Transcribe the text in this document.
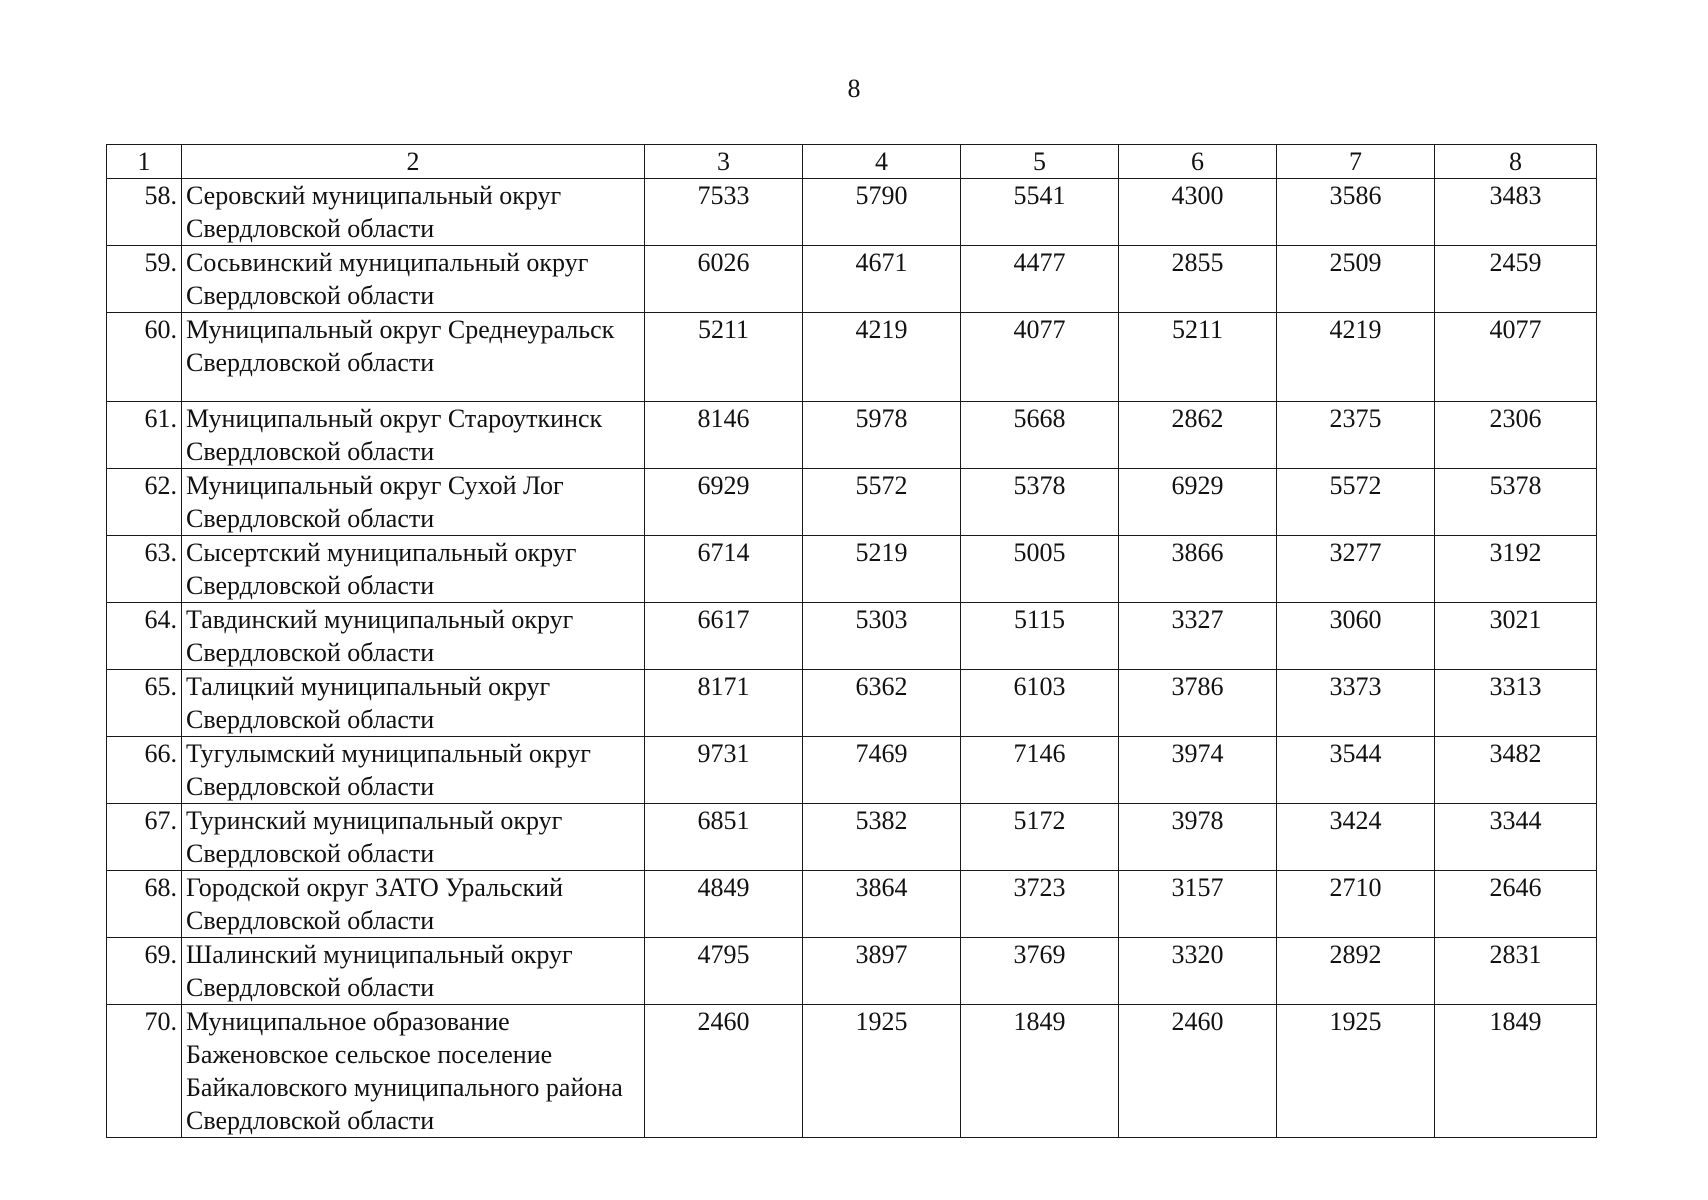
8
1	2	3	4	5	6	7	8
58.	Серовский муниципальный округ Свердловской области	7533	5790	5541	4300	3586	3483
59.	Сосьвинский муниципальный округ Свердловской области	6026	4671	4477	2855	2509	2459
60.	Муниципальный округ Среднеуральск Свердловской области	5211	4219	4077	5211	4219	4077
61.	Муниципальный округ Староуткинск Свердловской области	8146	5978	5668	2862	2375	2306
62.	Муниципальный округ Сухой Лог Свердловской области	6929	5572	5378	6929	5572	5378
63.	Сысертский муниципальный округ Свердловской области	6714	5219	5005	3866	3277	3192
64.	Тавдинский муниципальный округ Свердловской области	6617	5303	5115	3327	3060	3021
65.	Талицкий муниципальный округ Свердловской области	8171	6362	6103	3786	3373	3313
66.	Тугулымский муниципальный округ Свердловской области	9731	7469	7146	3974	3544	3482
67.	Туринский муниципальный округ Свердловской области	6851	5382	5172	3978	3424	3344
68.	Городской округ ЗАТО Уральский Свердловской области	4849	3864	3723	3157	2710	2646
69.	Шалинский муниципальный округ Свердловской области	4795	3897	3769	3320	2892	2831
70.	Муниципальное образование Баженовское сельское поселение Байкаловского муниципального района Свердловской области	2460	1925	1849	2460	1925	1849
